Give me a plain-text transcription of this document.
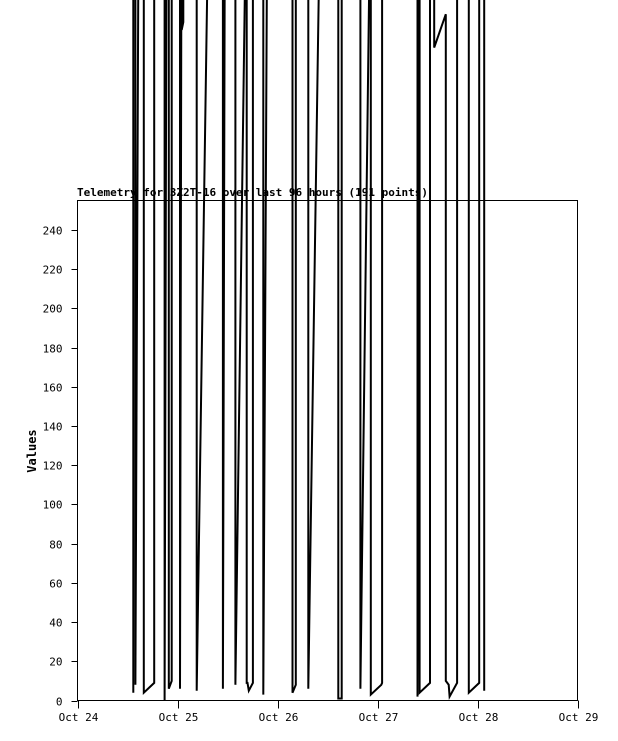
0
20
40
60
80
100
120
140
160
180
200
220
240
Oct 24	Oct 25	Oct 26	Oct 27	Oct 28	Oct 29
Telemetry for 3Z2T-16 over last 96 hours (191 points)
Values
